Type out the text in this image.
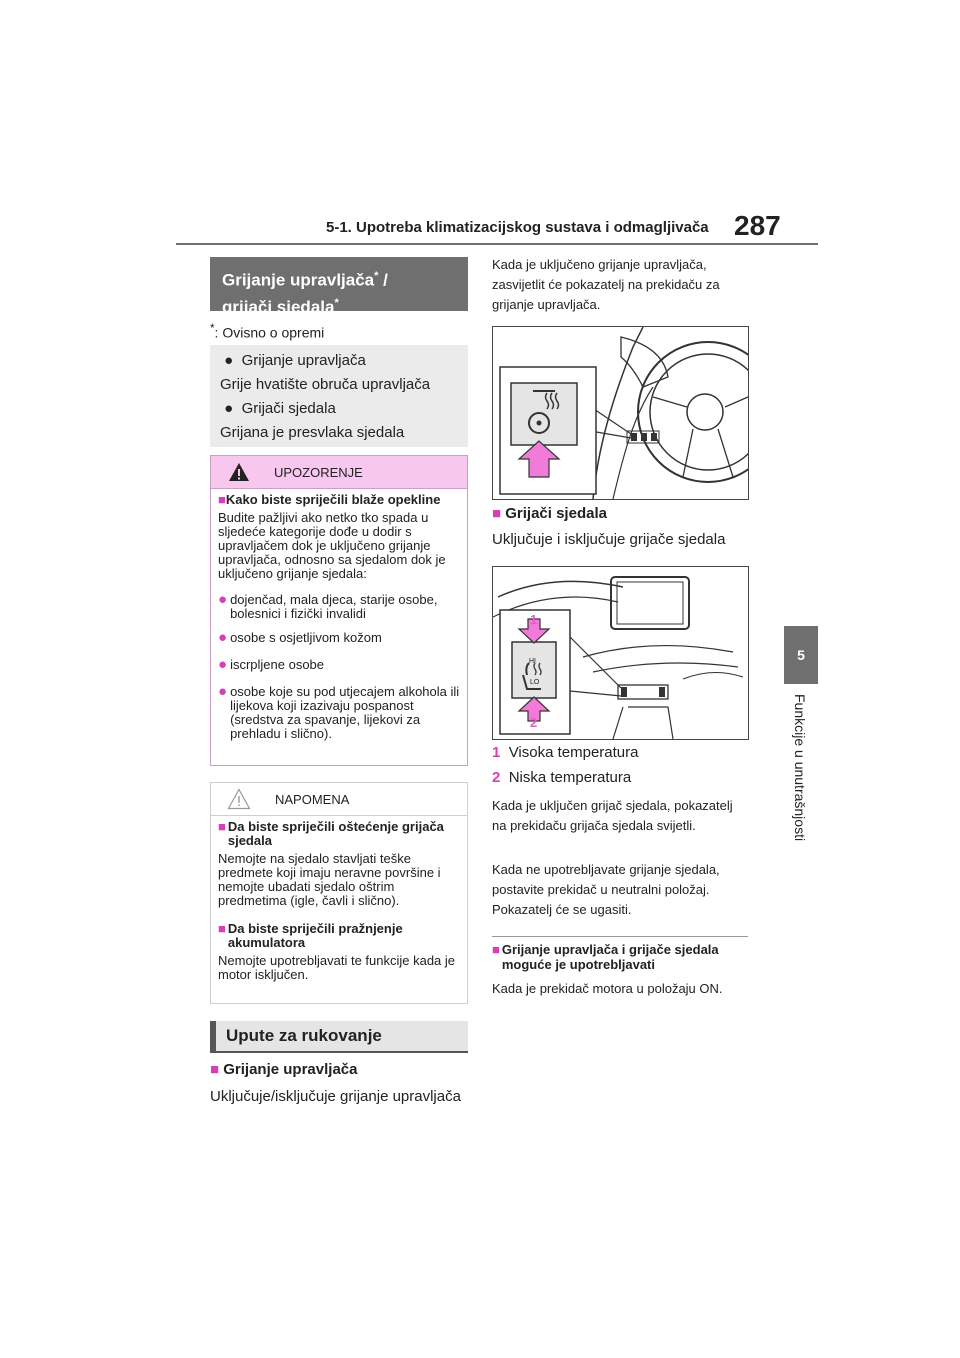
5-1. Upotreba klimatizacijskog sustava i odmagljivača 287
5
Funkcije u unutrašnjosti
Grijanje upravljača* /
grijači sjedala*
*: Ovisno o opremi

● Grijanje upravljača

Grije hvatište obruča upravljača

● Grijači sjedala

Grijana je presvlaka sjedala

UPOZORENJE

■Kako biste spriječili blaže opekline

Budite pažljivi ako netko tko spada u sljedeće kategorije dođe u dodir s upravljačem dok je uključeno grijanje upravljača, odnosno sa sjedalom dok je uključeno grijanje sjedala:

● dojenčad, mala djeca, starije osobe, bolesnici i fizički invalidi
● osobe s osjetljivom kožom
● iscrpljene osobe
● osobe koje su pod utjecajem alkohola ili lijekova koji izazivaju pospanost (sredstva za spavanje, lijekovi za prehladu i slično).
NAPOMENA
■ Da biste spriječili oštećenje grijača sjedala

Nemojte na sjedalo stavljati teške predmete koji imaju neravne površine i nemojte ubadati sjedalo oštrim predmetima (igle, čavli i slično).

■ Da biste spriječili pražnjenje akumulatora

Nemojte upotrebljavati te funkcije kada je motor isključen.

Upute za rukovanje
■ Grijanje upravljača
Uključuje/isključuje grijanje upravljača
Kada je uključeno grijanje upravljača, zasvijetlit će pokazatelj na prekidaču za grijanje upravljača.
■ Grijači sjedala
Uključuje i isključuje grijače sjedala
1
2
HI
LO
1 Visoka temperatura
2 Niska temperatura
Kada je uključen grijač sjedala, pokazatelj na prekidaču grijača sjedala svijetli.
Kada ne upotrebljavate grijanje sjedala, postavite prekidač u neutralni položaj. Pokazatelj će se ugasiti.
■ Grijanje upravljača i grijače sjedala moguće je upotrebljavati
Kada je prekidač motora u položaju ON.
